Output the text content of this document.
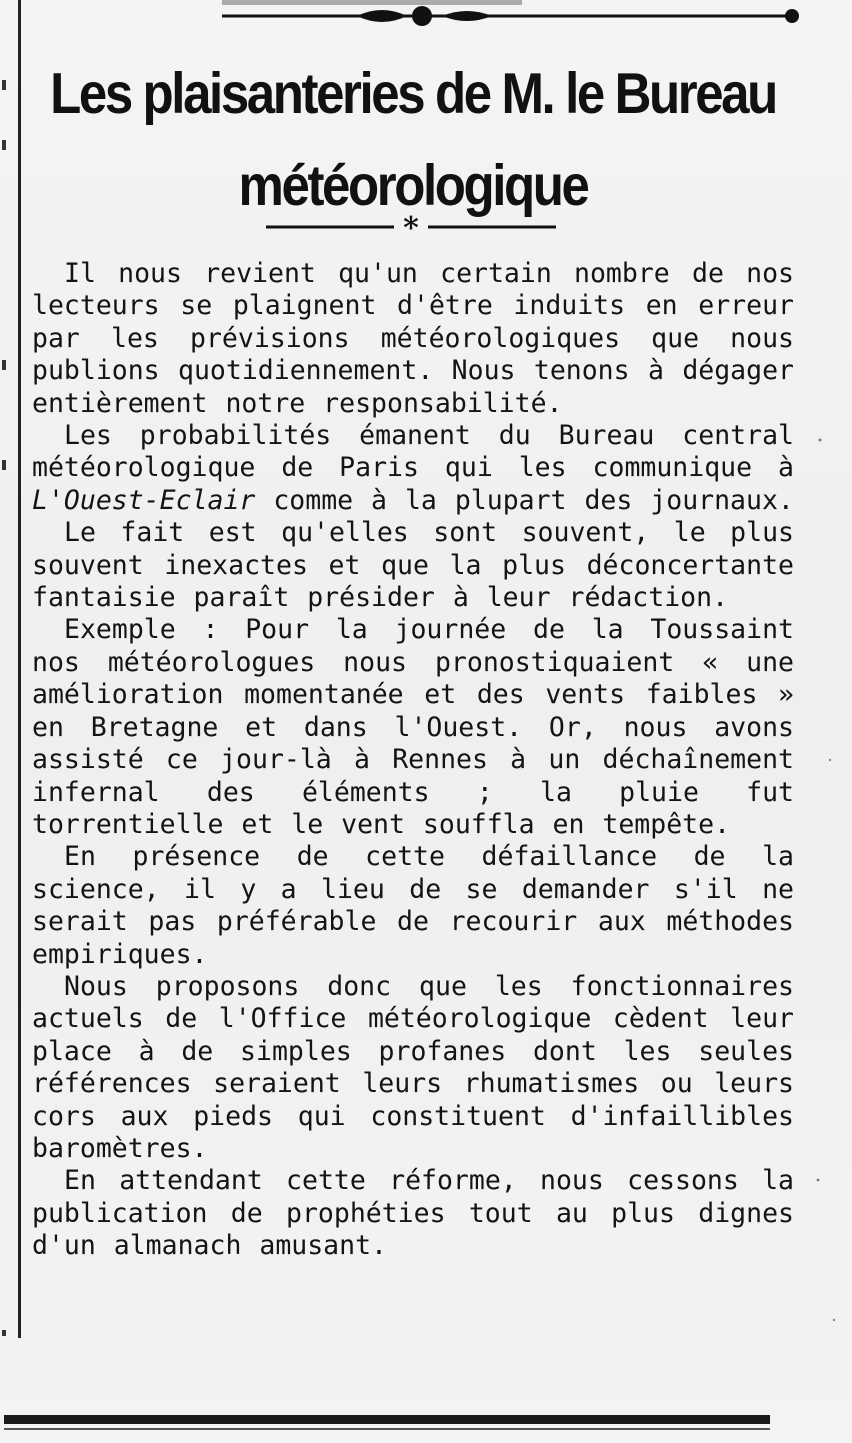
Les plaisanteries de M. le Bureau
météorologique
*

Il nous revient qu'un certain nombre de nos lecteurs se plaignent d'être induits en erreur par les prévisions météorologiques que nous publions quotidiennement. Nous tenons à dégager entièrement notre responsabilité.

Les probabilités émanent du Bureau central météorologique de Paris qui les communique à L'Ouest-Eclair comme à la plupart des journaux.

Le fait est qu'elles sont souvent, le plus souvent inexactes et que la plus déconcertante fantaisie paraît présider à leur rédaction.

Exemple : Pour la journée de la Toussaint nos météorologues nous pronostiquaient « une amélioration momentanée et des vents faibles » en Bretagne et dans l'Ouest. Or, nous avons assisté ce jour-là à Rennes à un déchaînement infernal des éléments ; la pluie fut torrentielle et le vent souffla en tempête.

En présence de cette défaillance de la science, il y a lieu de se demander s'il ne serait pas préférable de recourir aux méthodes empiriques.

Nous proposons donc que les fonctionnaires actuels de l'Office météorologique cèdent leur place à de simples profanes dont les seules références seraient leurs rhumatismes ou leurs cors aux pieds qui constituent d'infaillibles baromètres.

En attendant cette réforme, nous cessons la publication de prophéties tout au plus dignes d'un almanach amusant.
